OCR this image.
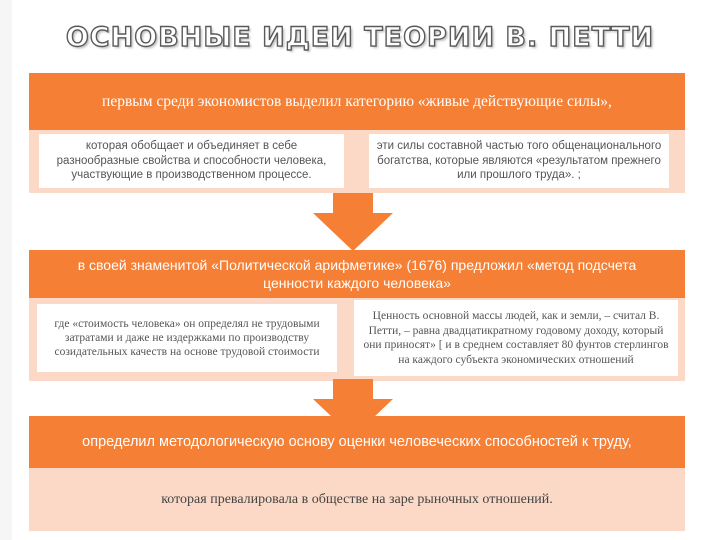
ОСНОВНЫЕ ИДЕИ ТЕОРИИ В. ПЕТТИ
первым среди экономистов выделил категорию «живые действующие силы»,
которая обобщает и объединяет в себе разнообразные свойства и способности человека, участвующие в производственном процессе.
эти силы составной частью того общенационального богатства, которые являются «результатом прежнего или прошлого труда». ;
в своей знаменитой «Политической арифметике» (1676) предложил «метод подсчета ценности каждого человека»
где «стоимость человека» он определял не трудовыми затратами и даже не издержками по производству созидательных качеств на основе трудовой стоимости
Ценность основной массы людей, как и земли, – считал В. Петти, – равна двадцатикратному годовому доходу, который они приносят» [ и в среднем составляет 80 фунтов стерлингов на каждого субъекта экономических отношений
определил методологическую основу оценки человеческих способностей к труду,
которая превалировала в обществе на заре рыночных отношений.
